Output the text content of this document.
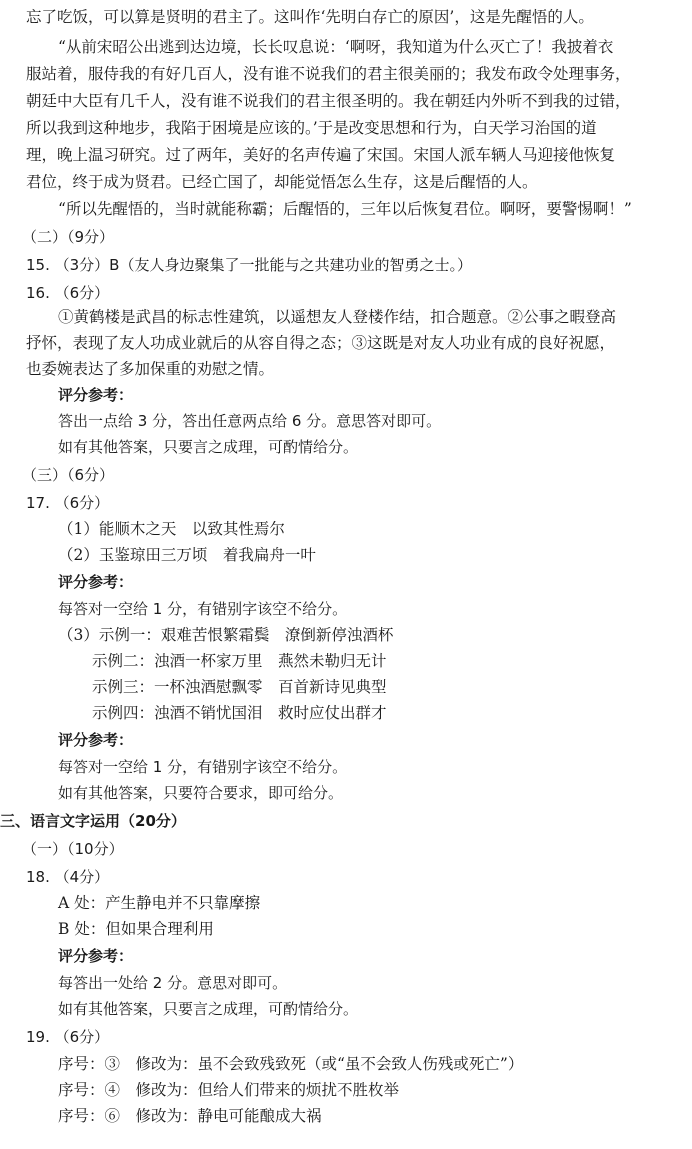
忘了吃饭，可以算是贤明的君主了。这叫作‘先明白存亡的原因’，这是先醒悟的人。
“从前宋昭公出逃到达边境，长长叹息说：‘啊呀，我知道为什么灭亡了！我披着衣
服站着，服侍我的有好几百人，没有谁不说我们的君主很美丽的；我发布政令处理事务，
朝廷中大臣有几千人，没有谁不说我们的君主很圣明的。我在朝廷内外听不到我的过错，
所以我到这种地步，我陷于困境是应该的。’于是改变思想和行为，白天学习治国的道
理，晚上温习研究。过了两年，美好的名声传遍了宋国。宋国人派车辆人马迎接他恢复
君位，终于成为贤君。已经亡国了，却能觉悟怎么生存，这是后醒悟的人。
“所以先醒悟的，当时就能称霸；后醒悟的，三年以后恢复君位。啊呀，要警惕啊！”
（二）（9分）
15. （3分）B（友人身边聚集了一批能与之共建功业的智勇之士。）
16. （6分）
①黄鹤楼是武昌的标志性建筑，以遥想友人登楼作结，扣合题意。②公事之暇登高
抒怀，表现了友人功成业就后的从容自得之态；③这既是对友人功业有成的良好祝愿，
也委婉表达了多加保重的劝慰之情。
评分参考：
答出一点给 3 分，答出任意两点给 6 分。意思答对即可。
如有其他答案，只要言之成理，可酌情给分。
（三）（6分）
17. （6分）
（1）能顺木之天　以致其性焉尔
（2）玉鉴琼田三万顷　着我扁舟一叶
评分参考：
每答对一空给 1 分，有错别字该空不给分。
（3）示例一：艰难苦恨繁霜鬓　潦倒新停浊酒杯
示例二：浊酒一杯家万里　燕然未勒归无计
示例三：一杯浊酒慰飘零　百首新诗见典型
示例四：浊酒不销忧国泪　救时应仗出群才
评分参考：
每答对一空给 1 分，有错别字该空不给分。
如有其他答案，只要符合要求，即可给分。
三、语言文字运用（20分）
（一）（10分）
18. （4分）
A 处：产生静电并不只靠摩擦
B 处：但如果合理利用
评分参考：
每答出一处给 2 分。意思对即可。
如有其他答案，只要言之成理，可酌情给分。
19. （6分）
序号：③　修改为：虽不会致残致死（或“虽不会致人伤残或死亡”）
序号：④　修改为：但给人们带来的烦扰不胜枚举
序号：⑥　修改为：静电可能酿成大祸
